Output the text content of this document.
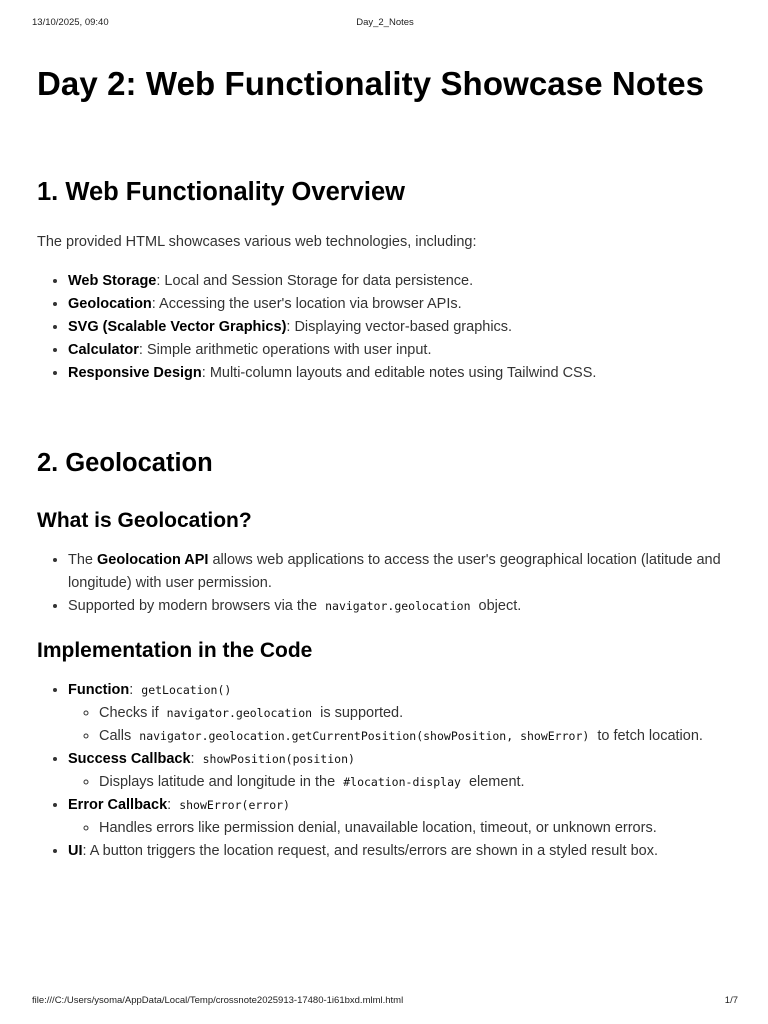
13/10/2025, 09:40	Day_2_Notes
Day 2: Web Functionality Showcase Notes
1. Web Functionality Overview

The provided HTML showcases various web technologies, including:

• Web Storage: Local and Session Storage for data persistence.
• Geolocation: Accessing the user's location via browser APIs.
• SVG (Scalable Vector Graphics): Displaying vector-based graphics.
• Calculator: Simple arithmetic operations with user input.
• Responsive Design: Multi-column layouts and editable notes using Tailwind CSS.
2. Geolocation
What is Geolocation?
• The Geolocation API allows web applications to access the user's geographical location (latitude and longitude) with user permission.
• Supported by modern browsers via the navigator.geolocation object.
Implementation in the Code
• Function: getLocation()
◦ Checks if navigator.geolocation is supported.
◦ Calls navigator.geolocation.getCurrentPosition(showPosition, showError) to fetch location.
• Success Callback: showPosition(position)
◦ Displays latitude and longitude in the #location-display element.
• Error Callback: showError(error)
◦ Handles errors like permission denial, unavailable location, timeout, or unknown errors.
• UI: A button triggers the location request, and results/errors are shown in a styled result box.
file:///C:/Users/ysoma/AppData/Local/Temp/crossnote2025913-17480-1i61bxd.mlml.html	1/7
